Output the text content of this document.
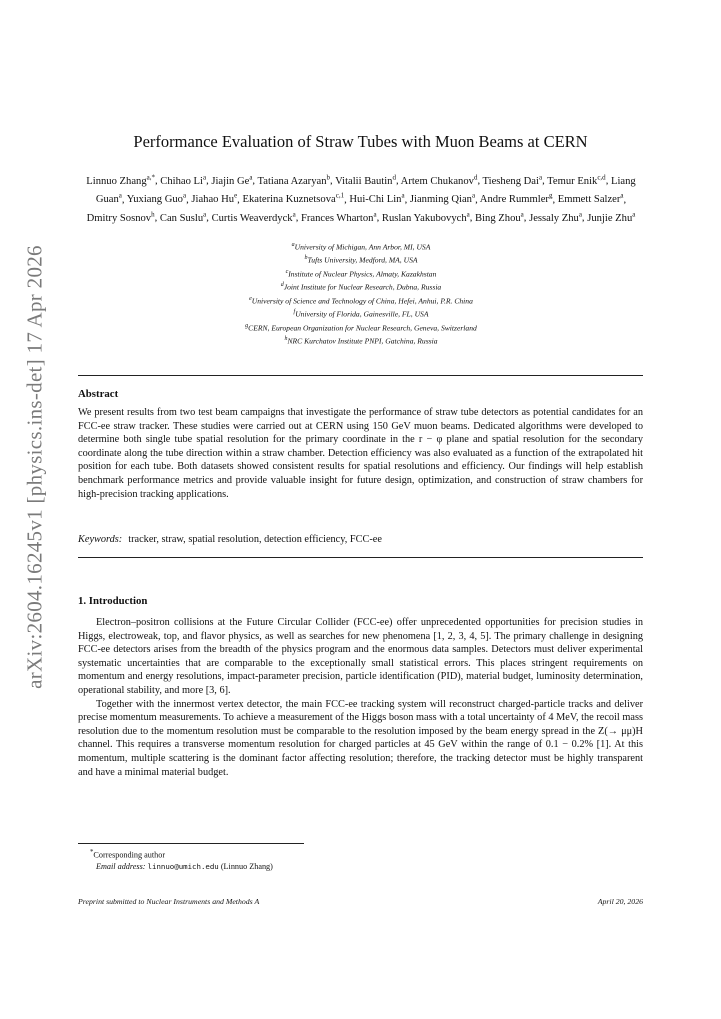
arXiv:2604.16245v1 [physics.ins-det] 17 Apr 2026
Performance Evaluation of Straw Tubes with Muon Beams at CERN
Linnuo Zhang$^{a,*}$, Chihao Li$^a$, Jiajin Ge$^a$, Tatiana Azaryan$^b$, Vitalii Bautin$^d$, Artem Chukanov$^d$, Tiesheng Dai$^a$, Temur Enik$^{c,d}$, Liang Guan$^a$, Yuxiang Guo$^a$, Jiahao Hu$^e$, Ekaterina Kuznetsova$^{c,1}$, Hui-Chi Lin$^a$, Jianming Qian$^a$, Andre Rummler$^g$, Emmett Salzer$^a$, Dmitry Sosnov$^h$, Can Suslu$^a$, Curtis Weaverdyck$^a$, Frances Wharton$^a$, Ruslan Yakubovych$^a$, Bing Zhou$^a$, Jessaly Zhu$^a$, Junjie Zhu$^a$
$^a$University of Michigan, Ann Arbor, MI, USA
$^b$Tufts University, Medford, MA, USA
$^c$Institute of Nuclear Physics, Almaty, Kazakhstan
$^d$Joint Institute for Nuclear Research, Dubna, Russia
$^e$University of Science and Technology of China, Hefei, Anhui, P.R. China
$^f$University of Florida, Gainesville, FL, USA
$^g$CERN, European Organization for Nuclear Research, Geneva, Switzerland
$^h$NRC Kurchatov Institute PNPI, Gatchina, Russia
Abstract
We present results from two test beam campaigns that investigate the performance of straw tube detectors as potential candidates for an FCC-ee straw tracker. These studies were carried out at CERN using 150 GeV muon beams. Dedicated algorithms were developed to determine both single tube spatial resolution for the primary coordinate in the r − φ plane and spatial resolution for the secondary coordinate along the tube direction within a straw chamber. Detection efficiency was also evaluated as a function of the extrapolated hit position for each tube. Both datasets showed consistent results for spatial resolutions and efficiency. Our findings will help establish benchmark performance metrics and provide valuable insight for future design, optimization, and construction of straw chambers for high-precision tracking applications.
Keywords: tracker, straw, spatial resolution, detection efficiency, FCC-ee
1. Introduction

Electron–positron collisions at the Future Circular Collider (FCC-ee) offer unprecedented opportunities for precision studies in Higgs, electroweak, top, and flavor physics, as well as searches for new phenomena [1, 2, 3, 4, 5]. The primary challenge in designing FCC-ee detectors arises from the breadth of the physics program and the enormous data samples. Detectors must deliver experimental systematic uncertainties that are comparable to the exceptionally small statistical errors. This places stringent requirements on momentum and energy resolutions, impact-parameter precision, particle identification (PID), material budget, luminosity determination, operational stability, and more [3, 6].

Together with the innermost vertex detector, the main FCC-ee tracking system will reconstruct charged-particle tracks and deliver precise momentum measurements. To achieve a measurement of the Higgs boson mass with a total uncertainty of 4 MeV, the recoil mass resolution due to the momentum resolution must be comparable to the resolution imposed by the beam energy spread in the Z(→ μμ)H channel. This requires a transverse momentum resolution for charged particles at 45 GeV within the range of 0.1 − 0.2% [1]. At this momentum, multiple scattering is the dominant factor affecting resolution; therefore, the tracking detector must be highly transparent and have a minimal material budget.

*Corresponding author
Email address: linnuo@umich.edu (Linnuo Zhang)
Preprint submitted to Nuclear Instruments and Methods A	April 20, 2026
